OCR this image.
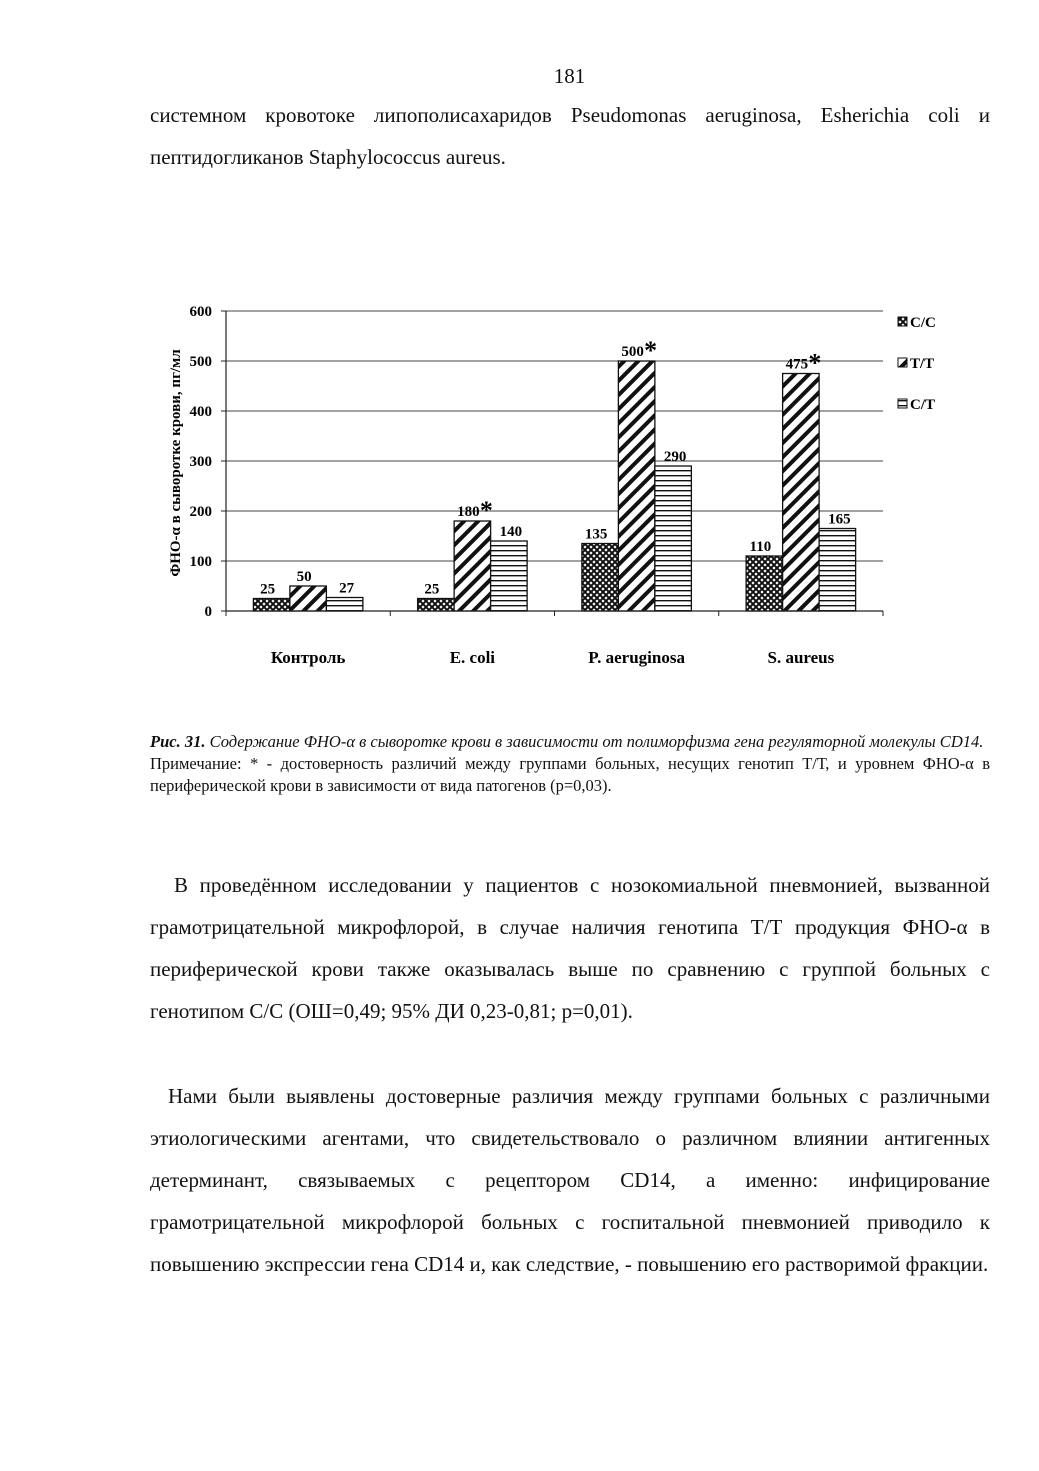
181

системном кровотоке липополисахаридов Pseudomonas aeruginosa, Esherichia coli и пептидогликанов Staphylococcus aureus.

25
50
27	25
180 *
140	135
500 *
290
110
475 *
165
0
100
200
300
400
500
600
Контроль	E. coli	P. aeruginosa	S. aureus
С/С
Т/Т
С/Т
ФНО-α в сыворотке крови, пг/мл

Рис. 31. Содержание ФНО-α в сыворотке крови в зависимости от полиморфизма гена регуляторной молекулы CD14.

Примечание: * - достоверность различий между группами больных, несущих генотип Т/Т, и уровнем ФНО-α в периферической крови в зависимости от вида патогенов (р=0,03).

В проведённом исследовании у пациентов с нозокомиальной пневмонией, вызванной грамотрицательной микрофлорой, в случае наличия генотипа Т/Т продукция ФНО-α в периферической крови также оказывалась выше по сравнению с группой больных с генотипом С/С (ОШ=0,49; 95% ДИ 0,23-0,81; р=0,01).

Нами были выявлены достоверные различия между группами больных с различными этиологическими агентами, что свидетельствовало о различном влиянии антигенных детерминант, связываемых с рецептором CD14, а именно: инфицирование грамотрицательной микрофлорой больных с госпитальной пневмонией приводило к повышению экспрессии гена CD14 и, как следствие, - повышению его растворимой фракции.
